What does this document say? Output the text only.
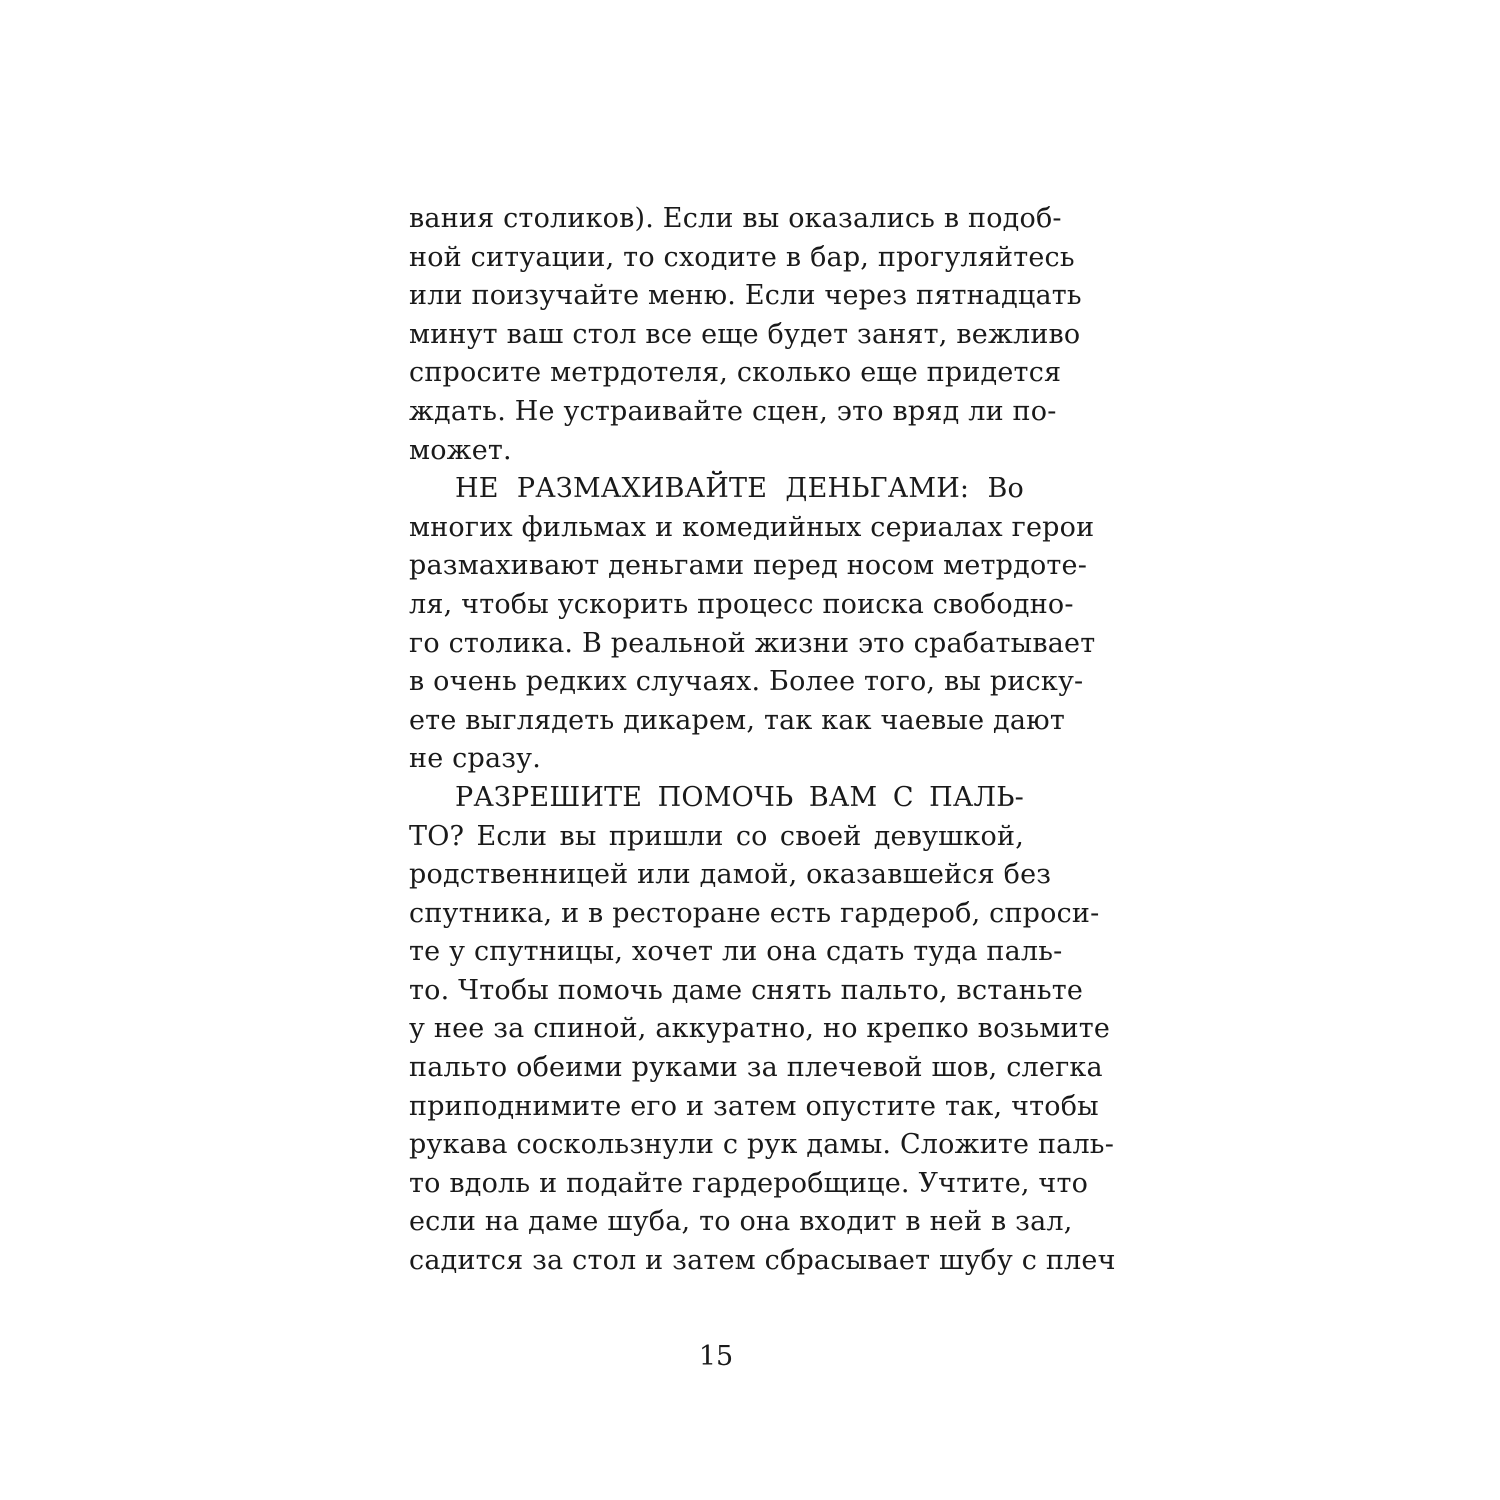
вания столиков). Если вы оказались в подоб-
ной ситуации, то сходите в бар, прогуляйтесь
или поизучайте меню. Если через пятнадцать
минут ваш стол все еще будет занят, вежливо
спросите метрдотеля, сколько еще придется
ждать. Не устраивайте сцен, это вряд ли по-
может.
НЕ РАЗМАХИВАЙТЕ ДЕНЬГАМИ: Во
многих фильмах и комедийных сериалах герои
размахивают деньгами перед носом метрдоте-
ля, чтобы ускорить процесс поиска свободно-
го столика. В реальной жизни это срабатывает
в очень редких случаях. Более того, вы риску-
ете выглядеть дикарем, так как чаевые дают
не сразу.
РАЗРЕШИТЕ ПОМОЧЬ ВАМ С ПАЛЬ-
ТО? Если вы пришли со своей девушкой,
родственницей или дамой, оказавшейся без
спутника, и в ресторане есть гардероб, спроси-
те у спутницы, хочет ли она сдать туда паль-
то. Чтобы помочь даме снять пальто, встаньте
у нее за спиной, аккуратно, но крепко возьмите
пальто обеими руками за плечевой шов, слегка
приподнимите его и затем опустите так, чтобы
рукава соскользнули с рук дамы. Сложите паль-
то вдоль и подайте гардеробщице. Учтите, что
если на даме шуба, то она входит в ней в зал,
садится за стол и затем сбрасывает шубу с плеч
15
